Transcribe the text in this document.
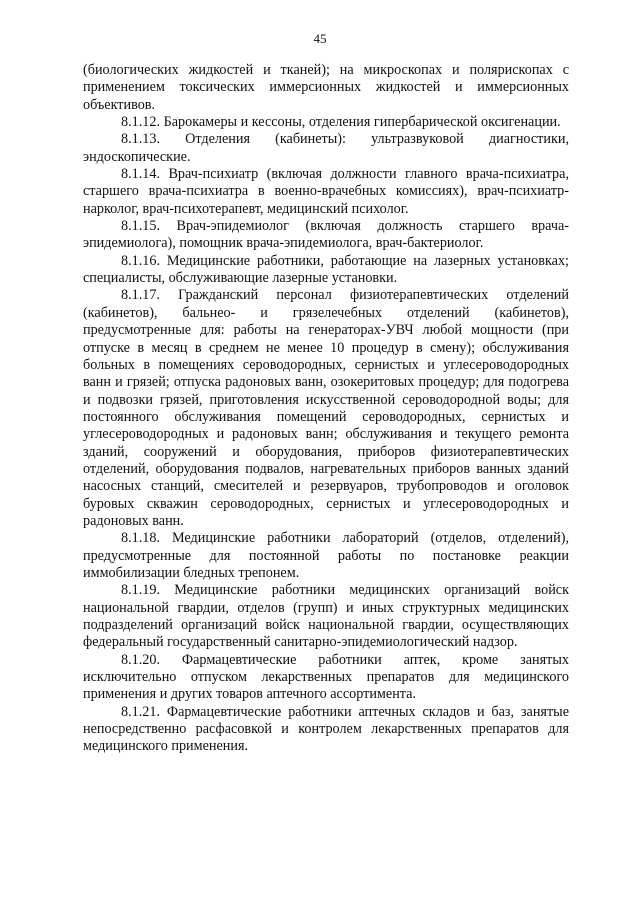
45

(биологических жидкостей и тканей); на микроскопах и полярископах с применением токсических иммерсионных жидкостей и иммерсионных объективов.

8.1.12. Барокамеры и кессоны, отделения гипербарической оксигенации.

8.1.13. Отделения (кабинеты): ультразвуковой диагностики, эндоскопические.

8.1.14. Врач-психиатр (включая должности главного врача-психиатра, старшего врача-психиатра в военно-врачебных комиссиях), врач-психиатр-нарколог, врач-психотерапевт, медицинский психолог.

8.1.15. Врач-эпидемиолог (включая должность старшего врача-эпидемиолога), помощник врача-эпидемиолога, врач-бактериолог.

8.1.16. Медицинские работники, работающие на лазерных установках; специалисты, обслуживающие лазерные установки.

8.1.17. Гражданский персонал физиотерапевтических отделений (кабинетов), бальнео- и грязелечебных отделений (кабинетов), предусмотренные для: работы на генераторах-УВЧ любой мощности (при отпуске в месяц в среднем не менее 10 процедур в смену); обслуживания больных в помещениях сероводородных, сернистых и углесероводородных ванн и грязей; отпуска радоновых ванн, озокеритовых процедур; для подогрева и подвозки грязей, приготовления искусственной сероводородной воды; для постоянного обслуживания помещений сероводородных, сернистых и углесероводородных и радоновых ванн; обслуживания и текущего ремонта зданий, сооружений и оборудования, приборов физиотерапевтических отделений, оборудования подвалов, нагревательных приборов ванных зданий насосных станций, смесителей и резервуаров, трубопроводов и оголовок буровых скважин сероводородных, сернистых и углесероводородных и радоновых ванн.

8.1.18. Медицинские работники лабораторий (отделов, отделений), предусмотренные для постоянной работы по постановке реакции иммобилизации бледных трепонем.

8.1.19. Медицинские работники медицинских организаций войск национальной гвардии, отделов (групп) и иных структурных медицинских подразделений организаций войск национальной гвардии, осуществляющих федеральный государственный санитарно-эпидемиологический надзор.

8.1.20. Фармацевтические работники аптек, кроме занятых исключительно отпуском лекарственных препаратов для медицинского применения и других товаров аптечного ассортимента.

8.1.21. Фармацевтические работники аптечных складов и баз, занятые непосредственно расфасовкой и контролем лекарственных препаратов для медицинского применения.
